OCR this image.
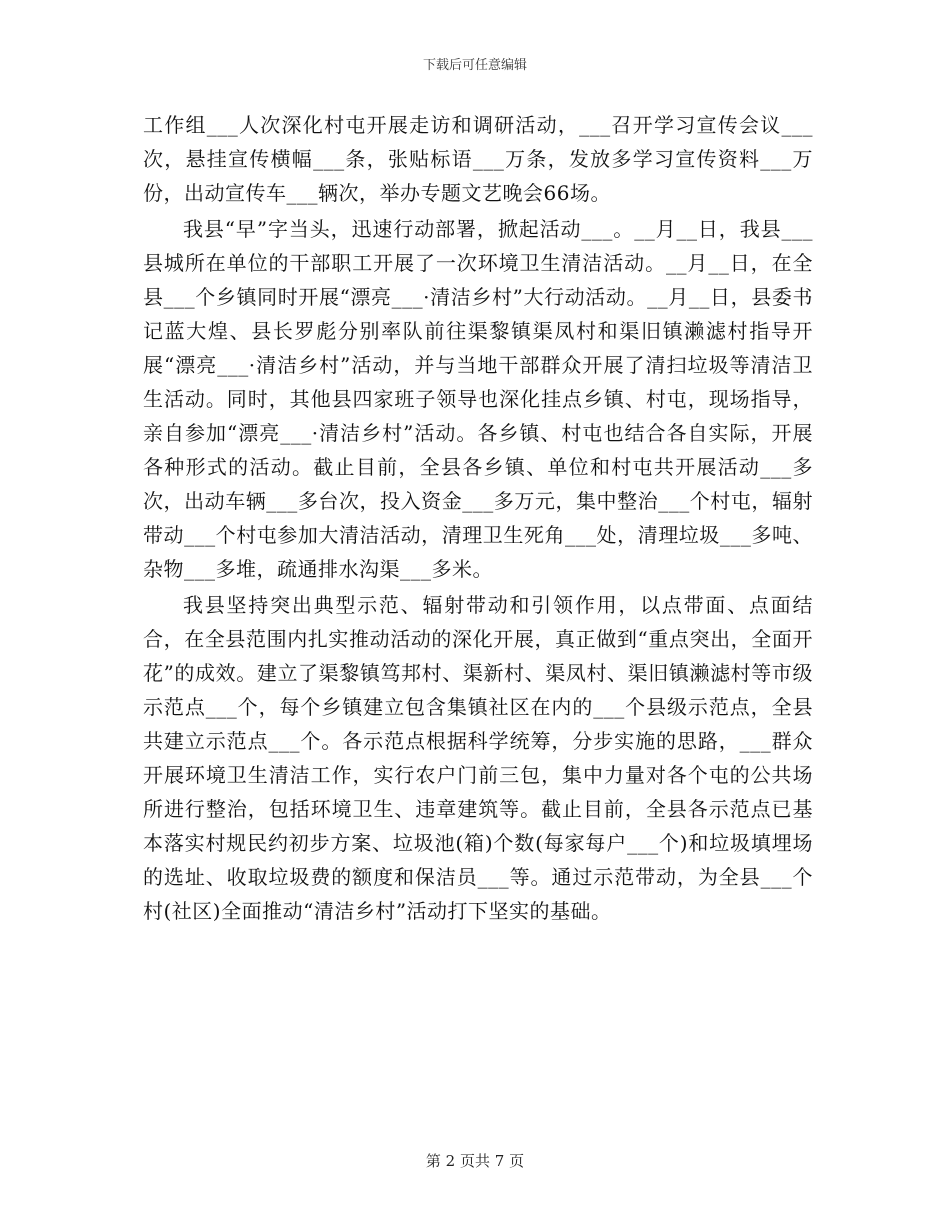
下载后可任意编辑

工作组___人次深化村屯开展走访和调研活动，___召开学习宣传会议___次，悬挂宣传横幅___条，张贴标语___万条，发放多学习宣传资料___万份，出动宣传车___辆次，举办专题文艺晚会66场。

我县“早”字当头，迅速行动部署，掀起活动___。__月__日，我县___县城所在单位的干部职工开展了一次环境卫生清洁活动。__月__日，在全县___个乡镇同时开展“漂亮___·清洁乡村”大行动活动。__月__日，县委书记蓝大煌、县长罗彪分别率队前往渠黎镇渠凤村和渠旧镇濑滤村指导开展“漂亮___·清洁乡村”活动，并与当地干部群众开展了清扫垃圾等清洁卫生活动。同时，其他县四家班子领导也深化挂点乡镇、村屯，现场指导，亲自参加“漂亮___·清洁乡村”活动。各乡镇、村屯也结合各自实际，开展各种形式的活动。截止目前，全县各乡镇、单位和村屯共开展活动___多次，出动车辆___多台次，投入资金___多万元，集中整治___个村屯，辐射带动___个村屯参加大清洁活动，清理卫生死角___处，清理垃圾___多吨、杂物___多堆，疏通排水沟渠___多米。

我县坚持突出典型示范、辐射带动和引领作用，以点带面、点面结合，在全县范围内扎实推动活动的深化开展，真正做到“重点突出，全面开花”的成效。建立了渠黎镇笃邦村、渠新村、渠凤村、渠旧镇濑滤村等市级示范点___个，每个乡镇建立包含集镇社区在内的___个县级示范点，全县共建立示范点___个。各示范点根据科学统筹，分步实施的思路，___群众开展环境卫生清洁工作，实行农户门前三包，集中力量对各个屯的公共场所进行整治，包括环境卫生、违章建筑等。截止目前，全县各示范点已基本落实村规民约初步方案、垃圾池(箱)个数(每家每户___个)和垃圾填埋场的选址、收取垃圾费的额度和保洁员___等。通过示范带动，为全县___个村(社区)全面推动“清洁乡村”活动打下坚实的基础。

第 2 页共 7 页
